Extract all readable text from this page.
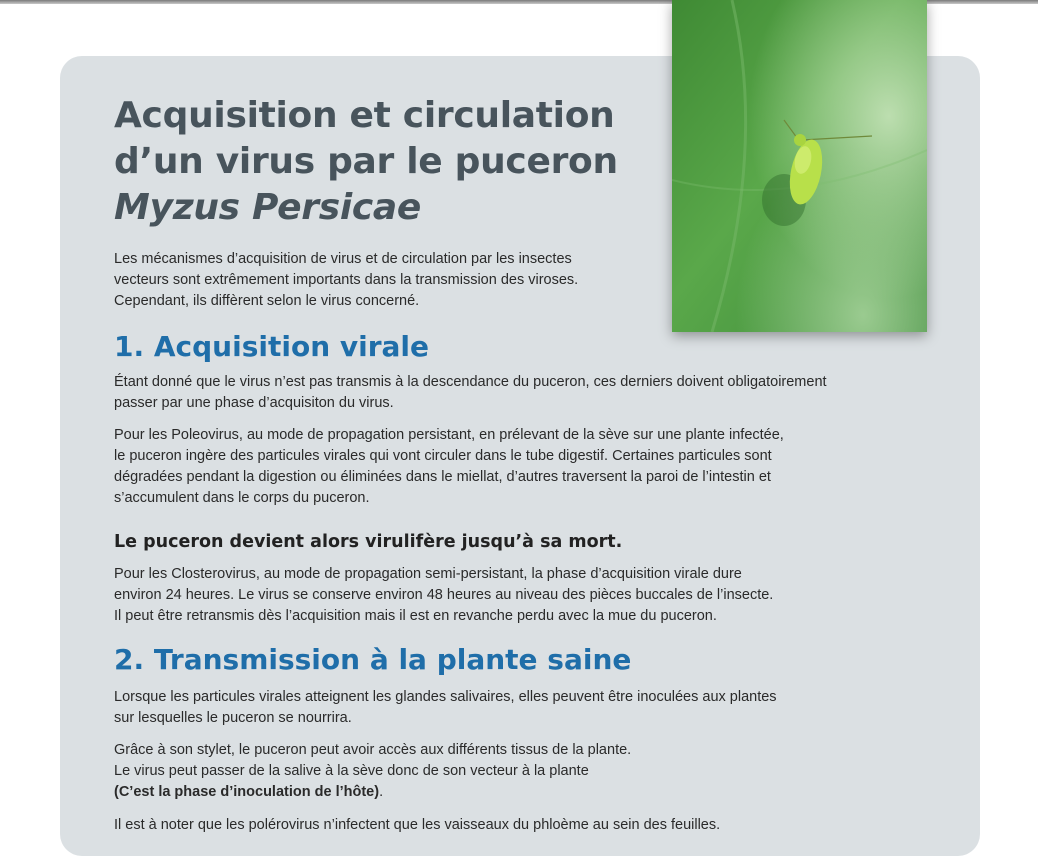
Acquisition et circulation
d’un virus par le puceron
Myzus Persicae

Les mécanismes d’acquisition de virus et de circulation par les insectes
vecteurs sont extrêmement importants dans la transmission des viroses.
Cependant, ils diffèrent selon le virus concerné.

1. Acquisition virale

Étant donné que le virus n’est pas transmis à la descendance du puceron, ces derniers doivent obligatoirement
passer par une phase d’acquisiton du virus.

Pour les Poleovirus, au mode de propagation persistant, en prélevant de la sève sur une plante infectée,
le puceron ingère des particules virales qui vont circuler dans le tube digestif. Certaines particules sont
dégradées pendant la digestion ou éliminées dans le miellat, d’autres traversent la paroi de l’intestin et
s’accumulent dans le corps du puceron.

Le puceron devient alors virulifère jusqu’à sa mort.

Pour les Closterovirus, au mode de propagation semi-persistant, la phase d’acquisition virale dure
environ 24 heures. Le virus se conserve environ 48 heures au niveau des pièces buccales de l’insecte.
Il peut être retransmis dès l’acquisition mais il est en revanche perdu avec la mue du puceron.

2. Transmission à la plante saine

Lorsque les particules virales atteignent les glandes salivaires, elles peuvent être inoculées aux plantes
sur lesquelles le puceron se nourrira.

Grâce à son stylet, le puceron peut avoir accès aux différents tissus de la plante.
Le virus peut passer de la salive à la sève donc de son vecteur à la plante
(C’est la phase d’inoculation de l’hôte).

Il est à noter que les polérovirus n’infectent que les vaisseaux du phloème au sein des feuilles.
